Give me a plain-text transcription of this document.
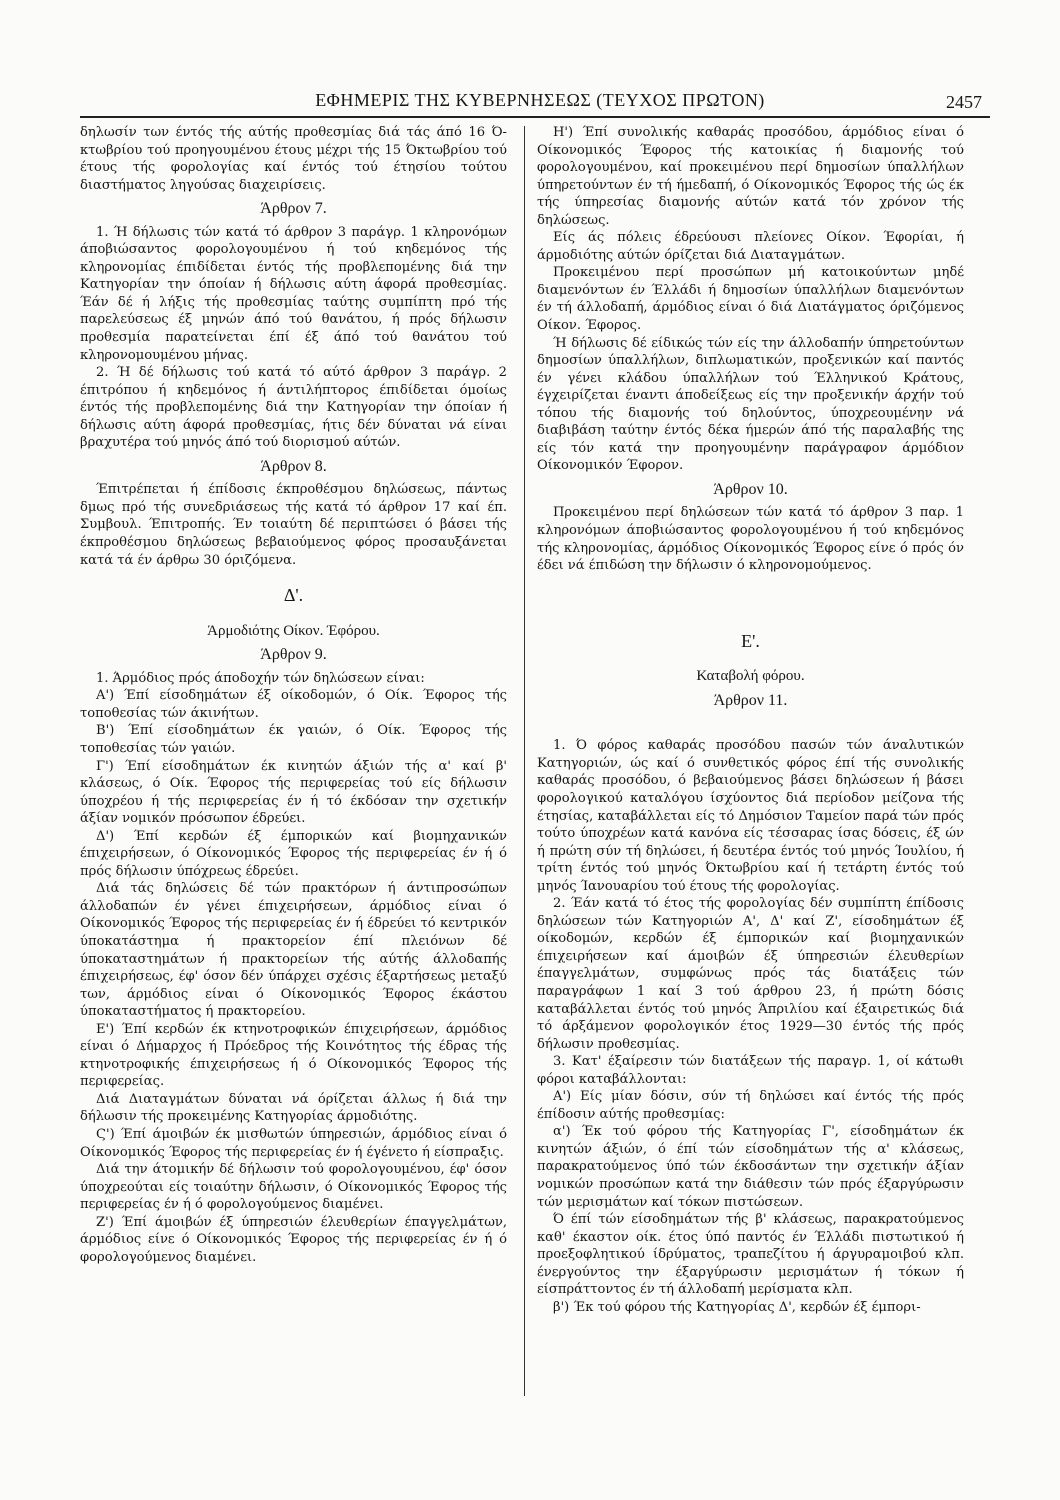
ΕΦΗΜΕΡΙΣ ΤΗΣ ΚΥΒΕΡΝΗΣΕΩΣ (ΤΕΥΧΟΣ ΠΡΩΤΟΝ)	2457

δηλωσίν των έντός τής αύτής προθεσμίας διά τάς άπό 16 Ό-κτωβρίου τού προηγουμένου έτους μέχρι τής 15 Όκτωβρίου τού έτους τής φορολογίας καί έντός τού έτησίου τούτου διαστήματος ληγούσας διαχειρίσεις.

Άρθρον 7.

1. Ή δήλωσις τών κατά τό άρθρον 3 παράγρ. 1 κληρονόμων άποβιώσαντος φορολογουμένου ή τού κηδεμόνος τής κληρονομίας έπιδίδεται έντός τής προβλεπομένης διά την Κατηγορίαν την όποίαν ή δήλωσις αύτη άφορά προθεσμίας. Έάν δέ ή λήξις τής προθεσμίας ταύτης συμπίπτη πρό τής παρελεύσεως έξ μηνών άπό τού θανάτου, ή πρός δήλωσιν προθεσμία παρατείνεται έπί έξ άπό τού θανάτου τού κληρονομουμένου μήνας.

2. Ή δέ δήλωσις τού κατά τό αύτό άρθρον 3 παράγρ. 2 έπιτρόπου ή κηδεμόνος ή άντιλήπτορος έπιδίδεται όμοίως έντός τής προβλεπομένης διά την Κατηγορίαν την όποίαν ή δήλωσις αύτη άφορά προθεσμίας, ήτις δέν δύναται νά είναι βραχυτέρα τού μηνός άπό τού διορισμού αύτών.

Άρθρον 8.

Έπιτρέπεται ή έπίδοσις έκπροθέσμου δηλώσεως, πάντως δμως πρό τής συνεδριάσεως τής κατά τό άρθρον 17 καί έπ. Συμβουλ. Έπιτροπής. Έν τοιαύτη δέ περιπτώσει ό βάσει τής έκπροθέσμου δηλώσεως βεβαιούμενος φόρος προσαυξάνεται κατά τά έν άρθρω 30 όριζόμενα.

Δ'.
Άρμοδιότης Οίκον. Έφόρου.
Άρθρον 9.

1. Άρμόδιος πρός άποδοχήν τών δηλώσεων είναι:

Α') Έπί είσοδημάτων έξ οίκοδομών, ό Οίκ. Έφορος τής τοποθεσίας τών άκινήτων.

Β') Έπί είσοδημάτων έκ γαιών, ό Οίκ. Έφορος τής τοποθεσίας τών γαιών.

Γ') Έπί είσοδημάτων έκ κινητών άξιών τής α' καί β' κλάσεως, ό Οίκ. Έφορος τής περιφερείας τού είς δήλωσιν ύποχρέου ή τής περιφερείας έν ή τό έκδόσαν την σχετικήν άξίαν νομικόν πρόσωπον έδρεύει.

Δ') Έπί κερδών έξ έμπορικών καί βιομηχανικών έπιχειρήσεων, ό Οίκονομικός Έφορος τής περιφερείας έν ή ό πρός δήλωσιν ύπόχρεως έδρεύει.

Διά τάς δηλώσεις δέ τών πρακτόρων ή άντιπροσώπων άλλοδαπών έν γένει έπιχειρήσεων, άρμόδιος είναι ό Οίκονομικός Έφορος τής περιφερείας έν ή έδρεύει τό κεντρικόν ύποκατάστημα ή πρακτορείον έπί πλειόνων δέ ύποκαταστημάτων ή πρακτορείων τής αύτής άλλοδαπής έπιχειρήσεως, έφ' όσον δέν ύπάρχει σχέσις έξαρτήσεως μεταξύ των, άρμόδιος είναι ό Οίκονομικός Έφορος έκάστου ύποκαταστήματος ή πρακτορείου.

Ε') Έπί κερδών έκ κτηνοτροφικών έπιχειρήσεων, άρμόδιος είναι ό Δήμαρχος ή Πρόεδρος τής Κοινότητος τής έδρας τής κτηνοτροφικής έπιχειρήσεως ή ό Οίκονομικός Έφορος τής περιφερείας.

Διά Διαταγμάτων δύναται νά όρίζεται άλλως ή διά την δήλωσιν τής προκειμένης Κατηγορίας άρμοδιότης.

Ϛ') Έπί άμοιβών έκ μισθωτών ύπηρεσιών, άρμόδιος είναι ό Οίκονομικός Έφορος τής περιφερείας έν ή έγένετο ή είσπραξις.

Διά την άτομικήν δέ δήλωσιν τού φορολογουμένου, έφ' όσον ύποχρεούται είς τοιαύτην δήλωσιν, ό Οίκονομικός Έφορος τής περιφερείας έν ή ό φορολογούμενος διαμένει.

Ζ') Έπί άμοιβών έξ ύπηρεσιών έλευθερίων έπαγγελμάτων, άρμόδιος είνε ό Οίκονομικός Έφορος τής περιφερείας έν ή ό φορολογούμενος διαμένει.

Η') Έπί συνολικής καθαράς προσόδου, άρμόδιος είναι ό Οίκονομικός Έφορος τής κατοικίας ή διαμονής τού φορολογουμένου, καί προκειμένου περί δημοσίων ύπαλλήλων ύπηρετούντων έν τή ήμεδαπή, ό Οίκονομικός Έφορος τής ώς έκ τής ύπηρεσίας διαμονής αύτών κατά τόν χρόνον τής δηλώσεως.

Είς άς πόλεις έδρεύουσι πλείονες Οίκον. Έφορίαι, ή άρμοδιότης αύτών όρίζεται διά Διαταγμάτων.

Προκειμένου περί προσώπων μή κατοικούντων μηδέ διαμενόντων έν Έλλάδι ή δημοσίων ύπαλλήλων διαμενόντων έν τή άλλοδαπή, άρμόδιος είναι ό διά Διατάγματος όριζόμενος Οίκον. Έφορος.

Ή δήλωσις δέ είδικώς τών είς την άλλοδαπήν ύπηρετούντων δημοσίων ύπαλλήλων, διπλωματικών, προξενικών καί παντός έν γένει κλάδου ύπαλλήλων τού Έλληνικού Κράτους, έγχειρίζεται έναντι άποδείξεως είς την προξενικήν άρχήν τού τόπου τής διαμονής τού δηλούντος, ύποχρεουμένην νά διαβιβάση ταύτην έντός δέκα ήμερών άπό τής παραλαβής της είς τόν κατά την προηγουμένην παράγραφον άρμόδιον Οίκονομικόν Έφορον.

Άρθρον 10.

Προκειμένου περί δηλώσεων τών κατά τό άρθρον 3 παρ. 1 κληρονόμων άποβιώσαντος φορολογουμένου ή τού κηδεμόνος τής κληρονομίας, άρμόδιος Οίκονομικός Έφορος είνε ό πρός όν έδει νά έπιδώση την δήλωσιν ό κληρονομούμενος.

Ε'.
Καταβολή φόρου.
Άρθρον 11.

1. Ό φόρος καθαράς προσόδου πασών τών άναλυτικών Κατηγοριών, ώς καί ό συνθετικός φόρος έπί τής συνολικής καθαράς προσόδου, ό βεβαιούμενος βάσει δηλώσεων ή βάσει φορολογικού καταλόγου ίσχύοντος διά περίοδον μείζονα τής έτησίας, καταβάλλεται είς τό Δημόσιον Ταμείον παρά τών πρός τούτο ύποχρέων κατά κανόνα είς τέσσαρας ίσας δόσεις, έξ ών ή πρώτη σύν τή δηλώσει, ή δευτέρα έντός τού μηνός Ίουλίου, ή τρίτη έντός τού μηνός Όκτωβρίου καί ή τετάρτη έντός τού μηνός Ίανουαρίου τού έτους τής φορολογίας.

2. Έάν κατά τό έτος τής φορολογίας δέν συμπίπτη έπίδοσις δηλώσεων τών Κατηγοριών Α', Δ' καί Ζ', είσοδημάτων έξ οίκοδομών, κερδών έξ έμπορικών καί βιομηχανικών έπιχειρήσεων καί άμοιβών έξ ύπηρεσιών έλευθερίων έπαγγελμάτων, συμφώνως πρός τάς διατάξεις τών παραγράφων 1 καί 3 τού άρθρου 23, ή πρώτη δόσις καταβάλλεται έντός τού μηνός Άπριλίου καί έξαιρετικώς διά τό άρξάμενον φορολογικόν έτος 1929—30 έντός τής πρός δήλωσιν προθεσμίας.

3. Κατ' έξαίρεσιν τών διατάξεων τής παραγρ. 1, οί κάτωθι φόροι καταβάλλονται:

Α') Είς μίαν δόσιν, σύν τή δηλώσει καί έντός τής πρός έπίδοσιν αύτής προθεσμίας:

α') Έκ τού φόρου τής Κατηγορίας Γ', είσοδημάτων έκ κινητών άξιών, ό έπί τών είσοδημάτων τής α' κλάσεως, παρακρατούμενος ύπό τών έκδοσάντων την σχετικήν άξίαν νομικών προσώπων κατά την διάθεσιν τών πρός έξαργύρωσιν τών μερισμάτων καί τόκων πιστώσεων.

Ό έπί τών είσοδημάτων τής β' κλάσεως, παρακρατούμενος καθ' έκαστον οίκ. έτος ύπό παντός έν Έλλάδι πιστωτικού ή προεξοφλητικού ίδρύματος, τραπεζίτου ή άργυραμοιβού κλπ. ένεργούντος την έξαργύρωσιν μερισμάτων ή τόκων ή είσπράττοντος έν τή άλλοδαπή μερίσματα κλπ.

β') Έκ τού φόρου τής Κατηγορίας Δ', κερδών έξ έμπορι-
